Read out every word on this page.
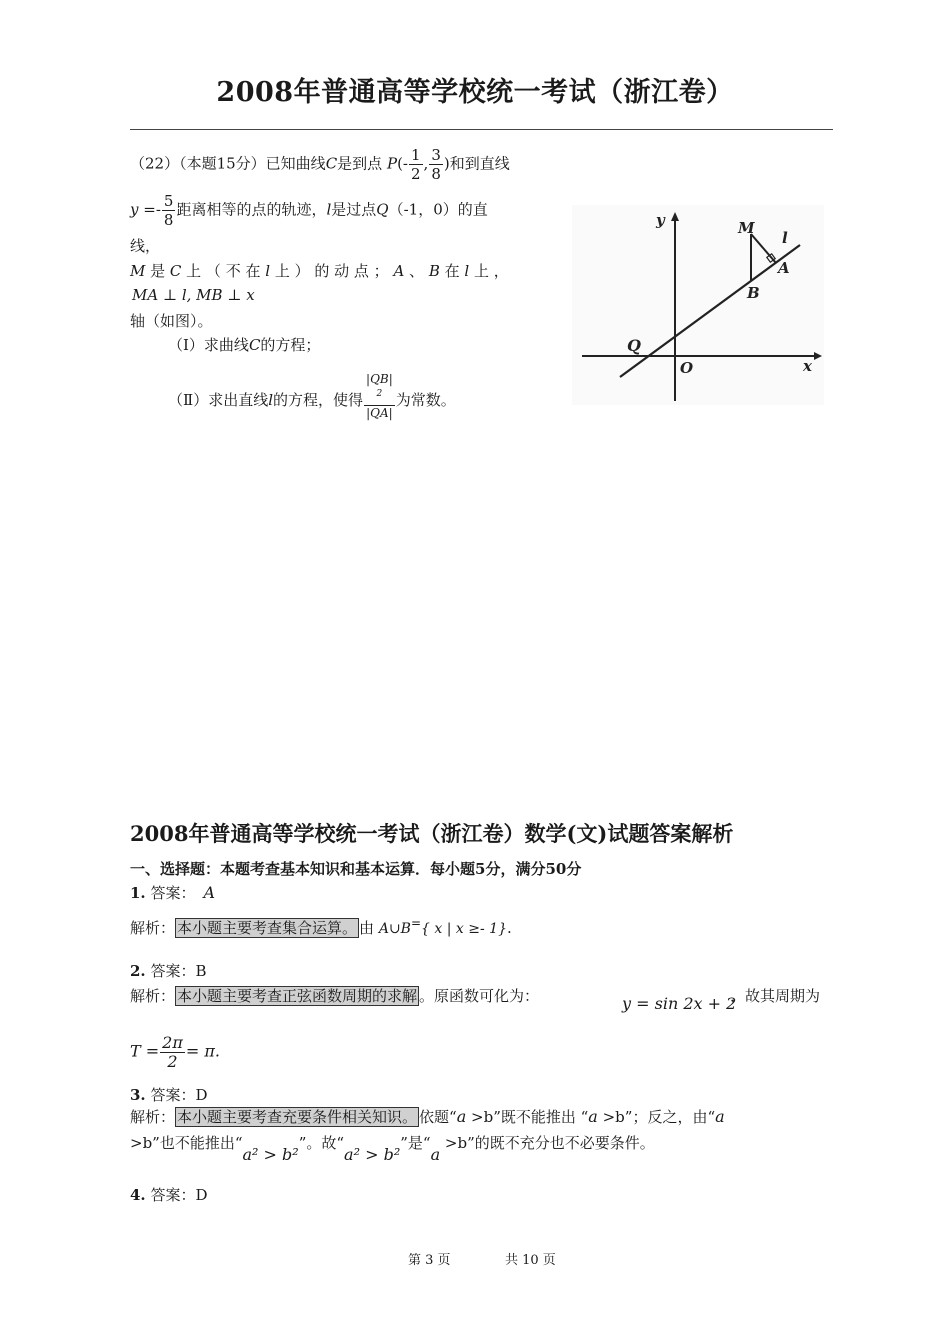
2008年普通高等学校统一考试（浙江卷）
（22）（本题15分）已知曲线C是到点 $P(- \frac{1}{2}$ , $\frac{3}{8}$ )和到直线
$y =- \frac{5}{8}$ 距离相等的点的轨迹，l是过点Q（-1，0）的直
线，
M 是 C 上 （ 不 在 l 上 ） 的 动 点 ； A 、 B 在 l 上 ，
MA ⊥ l, MB ⊥ x
轴（如图）。
（Ⅰ）求曲线C的方程；
（Ⅱ）求出直线l的方程，使得 |QB|
$^2$
|QA| 为常数。
y
x
O
Q
M
l
A
B
2008年普通高等学校统一考试（浙江卷）数学(文)试题答案解析
一、选择题：本题考查基本知识和基本运算．每小题5分，满分50分
1. 答案： A
解析： 本小题主要考查集合运算。 由 A∪B={ x | x ≥- 1}.
2. 答案：B
解析： 本小题主要考查正弦函数周期的求解 。原函数可化为：	y = sin 2x + 2
，故其周期为
$T = \frac{2\pi}{2} = \pi$.
3. 答案：D
解析： 本小题主要考查充要条件相关知识。 依题“a >b”既不能推出 “a >b”；反之，由“a
>b”也不能推出“a² > b²”。故“a² > b²”是“a >b”的既不充分也不必要条件。
4. 答案：D
第 3 页	共 10 页
